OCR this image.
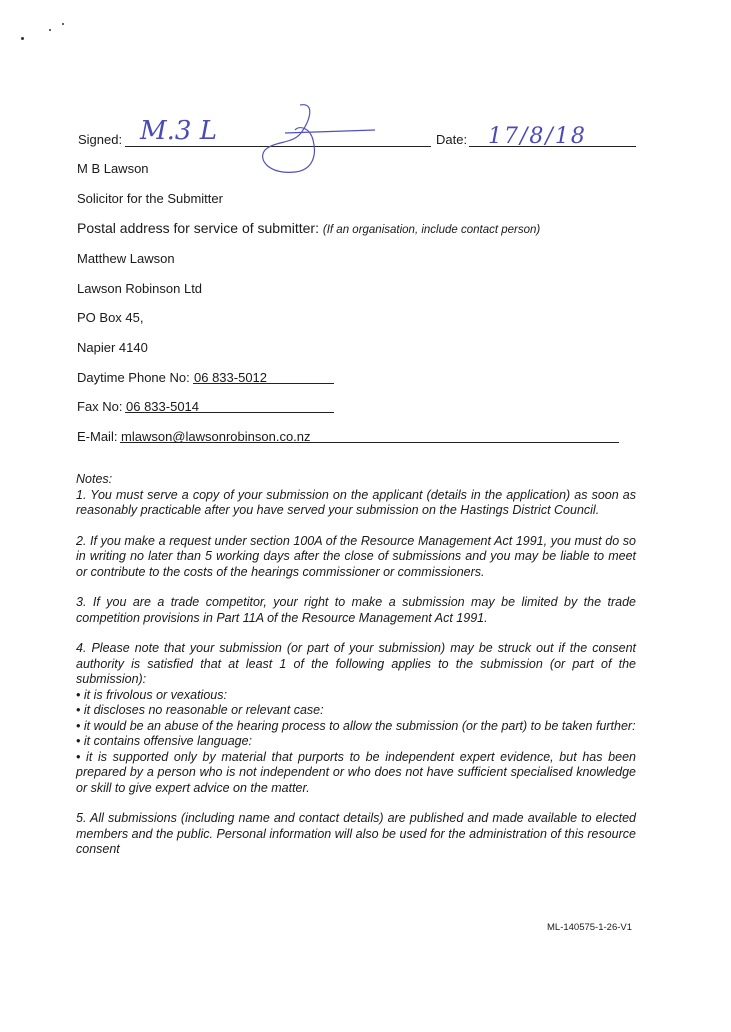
Signed: M.3 L	Date: 17/8/18
M B Lawson
Solicitor for the Submitter
Postal address for service of submitter: (If an organisation, include contact person)
Matthew Lawson
Lawson Robinson Ltd
PO Box 45,
Napier 4140
Daytime Phone No: 06 833-5012
Fax No: 06 833-5014
E-Mail: mlawson@lawsonrobinson.co.nz

Notes:

1. You must serve a copy of your submission on the applicant (details in the application) as soon as reasonably practicable after you have served your submission on the Hastings District Council.

2. If you make a request under section 100A of the Resource Management Act 1991, you must do so in writing no later than 5 working days after the close of submissions and you may be liable to meet or contribute to the costs of the hearings commissioner or commissioners.

3. If you are a trade competitor, your right to make a submission may be limited by the trade competition provisions in Part 11A of the Resource Management Act 1991.

4. Please note that your submission (or part of your submission) may be struck out if the consent authority is satisfied that at least 1 of the following applies to the submission (or part of the submission):

• it is frivolous or vexatious:

• it discloses no reasonable or relevant case:

• it would be an abuse of the hearing process to allow the submission (or the part) to be taken further:

• it contains offensive language:

• it is supported only by material that purports to be independent expert evidence, but has been prepared by a person who is not independent or who does not have sufficient specialised knowledge or skill to give expert advice on the matter.

5. All submissions (including name and contact details) are published and made available to elected members and the public. Personal information will also be used for the administration of this resource consent

ML-140575-1-26-V1
